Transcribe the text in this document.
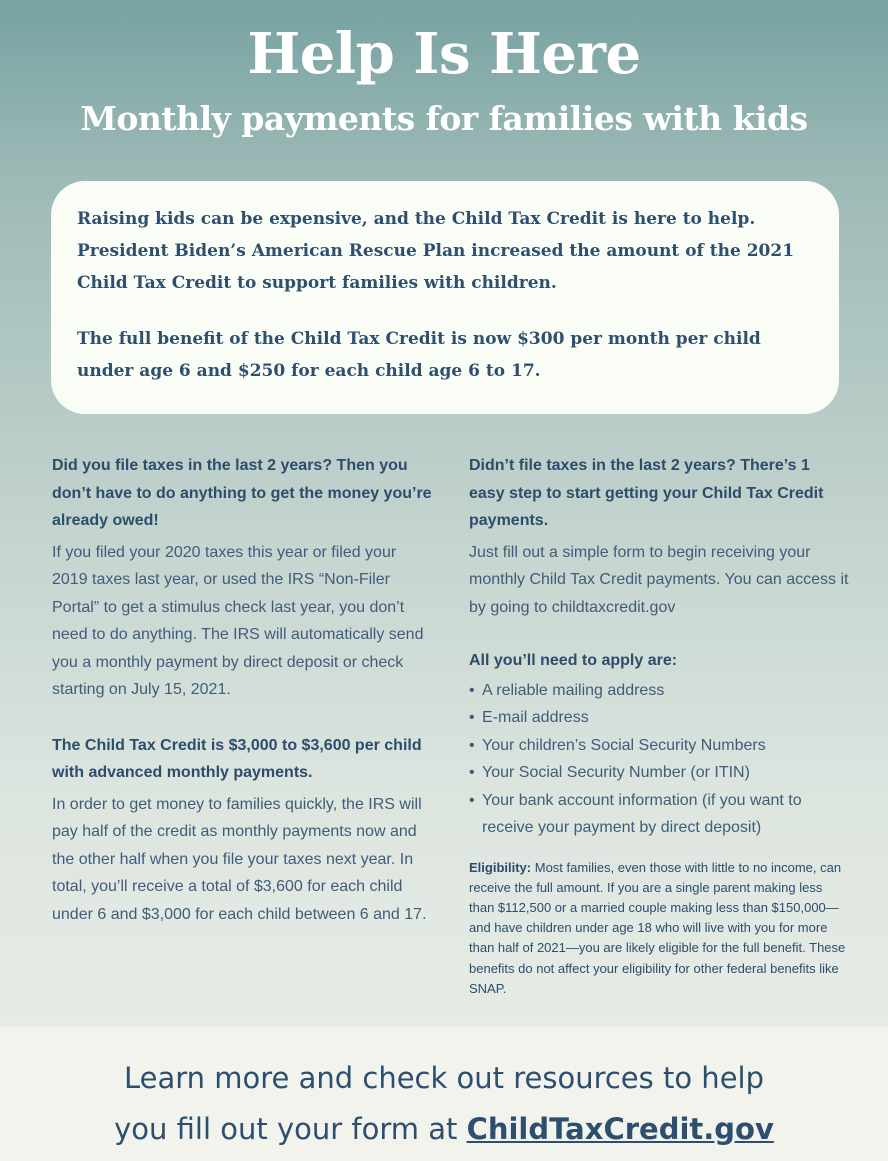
Help Is Here
Monthly payments for families with kids

Raising kids can be expensive, and the Child Tax Credit is here to help. President Biden’s American Rescue Plan increased the amount of the 2021 Child Tax Credit to support families with children.

The full benefit of the Child Tax Credit is now $300 per month per child under age 6 and $250 for each child age 6 to 17.

Did you file taxes in the last 2 years? Then you don’t have to do anything to get the money you’re already owed!

If you filed your 2020 taxes this year or filed your 2019 taxes last year, or used the IRS “Non-Filer Portal” to get a stimulus check last year, you don’t need to do anything. The IRS will automatically send you a monthly payment by direct deposit or check starting on July 15, 2021.

The Child Tax Credit is $3,000 to $3,600 per child with advanced monthly payments.

In order to get money to families quickly, the IRS will pay half of the credit as monthly payments now and the other half when you file your taxes next year. In total, you’ll receive a total of $3,600 for each child under 6 and $3,000 for each child between 6 and 17.

Didn’t file taxes in the last 2 years? There’s 1 easy step to start getting your Child Tax Credit payments.

Just fill out a simple form to begin receiving your monthly Child Tax Credit payments. You can access it by going to childtaxcredit.gov

All you’ll need to apply are:

• A reliable mailing address
• E-mail address
• Your children’s Social Security Numbers
• Your Social Security Number (or ITIN)
• Your bank account information (if you want to receive your payment by direct deposit)
Eligibility: Most families, even those with little to no income, can receive the full amount. If you are a single parent making less than $112,500 or a married couple making less than $150,000—and have children under age 18 who will live with you for more than half of 2021—you are likely eligible for the full benefit. These benefits do not affect your eligibility for other federal benefits like SNAP.
Learn more and check out resources to help
you fill out your form at ChildTaxCredit.gov
